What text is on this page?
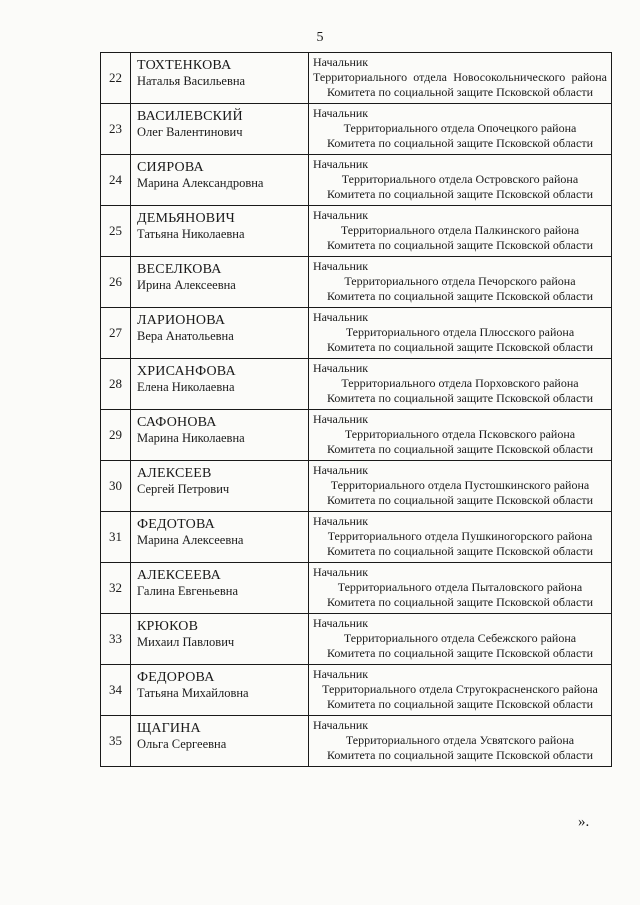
5
22	ТОХТЕНКОВА
Наталья Васильевна	Начальник
Территориального отдела Новосокольнического района
Комитета по социальной защите Псковской области

23	ВАСИЛЕВСКИЙ
Олег Валентинович	Начальник
Территориального отдела Опочецкого района
Комитета по социальной защите Псковской области

24	СИЯРОВА
Марина Александровна	Начальник
Территориального отдела Островского района
Комитета по социальной защите Псковской области

25	ДЕМЬЯНОВИЧ
Татьяна Николаевна	Начальник
Территориального отдела Палкинского района
Комитета по социальной защите Псковской области

26	ВЕСЕЛКОВА
Ирина Алексеевна	Начальник
Территориального отдела Печорского района
Комитета по социальной защите Псковской области

27	ЛАРИОНОВА
Вера Анатольевна	Начальник
Территориального отдела Плюсского района
Комитета по социальной защите Псковской области

28	ХРИСАНФОВА
Елена Николаевна	Начальник
Территориального отдела Порховского района
Комитета по социальной защите Псковской области

29	САФОНОВА
Марина Николаевна	Начальник
Территориального отдела Псковского района
Комитета по социальной защите Псковской области

30	АЛЕКСЕЕВ
Сергей Петрович	Начальник
Территориального отдела Пустошкинского района
Комитета по социальной защите Псковской области

31	ФЕДОТОВА
Марина Алексеевна	Начальник
Территориального отдела Пушкиногорского района
Комитета по социальной защите Псковской области

32	АЛЕКСЕЕВА
Галина Евгеньевна	Начальник
Территориального отдела Пыталовского района
Комитета по социальной защите Псковской области

33	КРЮКОВ
Михаил Павлович	Начальник
Территориального отдела Себежского района
Комитета по социальной защите Псковской области

34	ФЕДОРОВА
Татьяна Михайловна	Начальник
Территориального отдела Стругокрасненского района
Комитета по социальной защите Псковской области

35	ЩАГИНА
Ольга Сергеевна	Начальник
Территориального отдела Усвятского района
Комитета по социальной защите Псковской области
».
